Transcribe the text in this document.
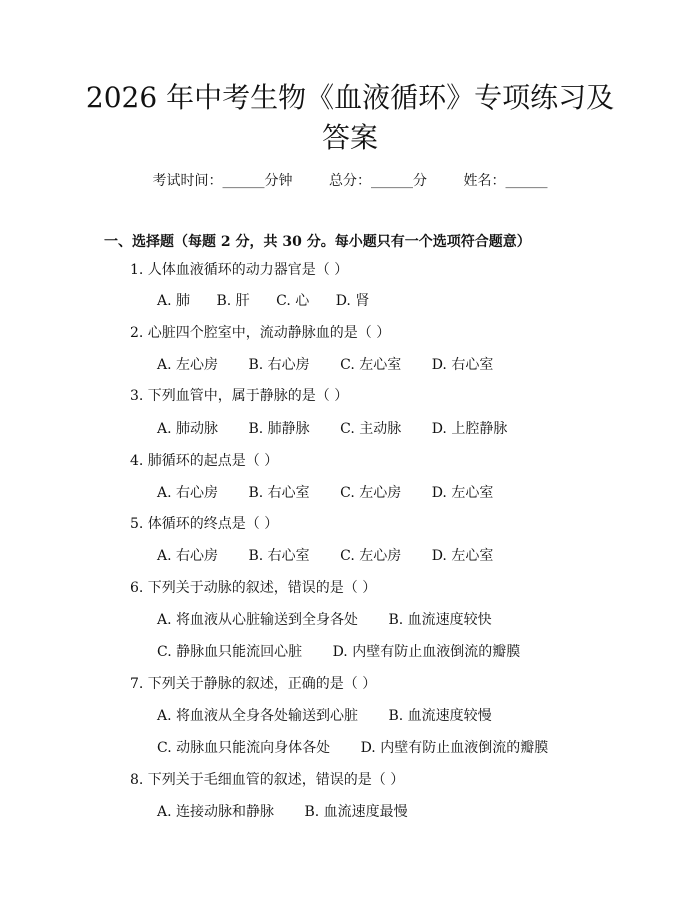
2026 年中考生物《血液循环》专项练习及答案
考试时间：______分钟	总分：______分	姓名：______
一、选择题（每题 2 分，共 30 分。每小题只有一个选项符合题意）
1. 人体血液循环的动力器官是（ ）
A. 肺 B. 肝 C. 心 D. 肾
2. 心脏四个腔室中，流动静脉血的是（ ）
A. 左心房 B. 右心房 C. 左心室 D. 右心室
3. 下列血管中，属于静脉的是（ ）
A. 肺动脉 B. 肺静脉 C. 主动脉 D. 上腔静脉
4. 肺循环的起点是（ ）
A. 右心房 B. 右心室 C. 左心房 D. 左心室
5. 体循环的终点是（ ）
A. 右心房 B. 右心室 C. 左心房 D. 左心室
6. 下列关于动脉的叙述，错误的是（ ）
A. 将血液从心脏输送到全身各处 B. 血流速度较快
C. 静脉血只能流回心脏 D. 内壁有防止血液倒流的瓣膜
7. 下列关于静脉的叙述，正确的是（ ）
A. 将血液从全身各处输送到心脏 B. 血流速度较慢
C. 动脉血只能流向身体各处 D. 内壁有防止血液倒流的瓣膜
8. 下列关于毛细血管的叙述，错误的是（ ）
A. 连接动脉和静脉 B. 血流速度最慢
